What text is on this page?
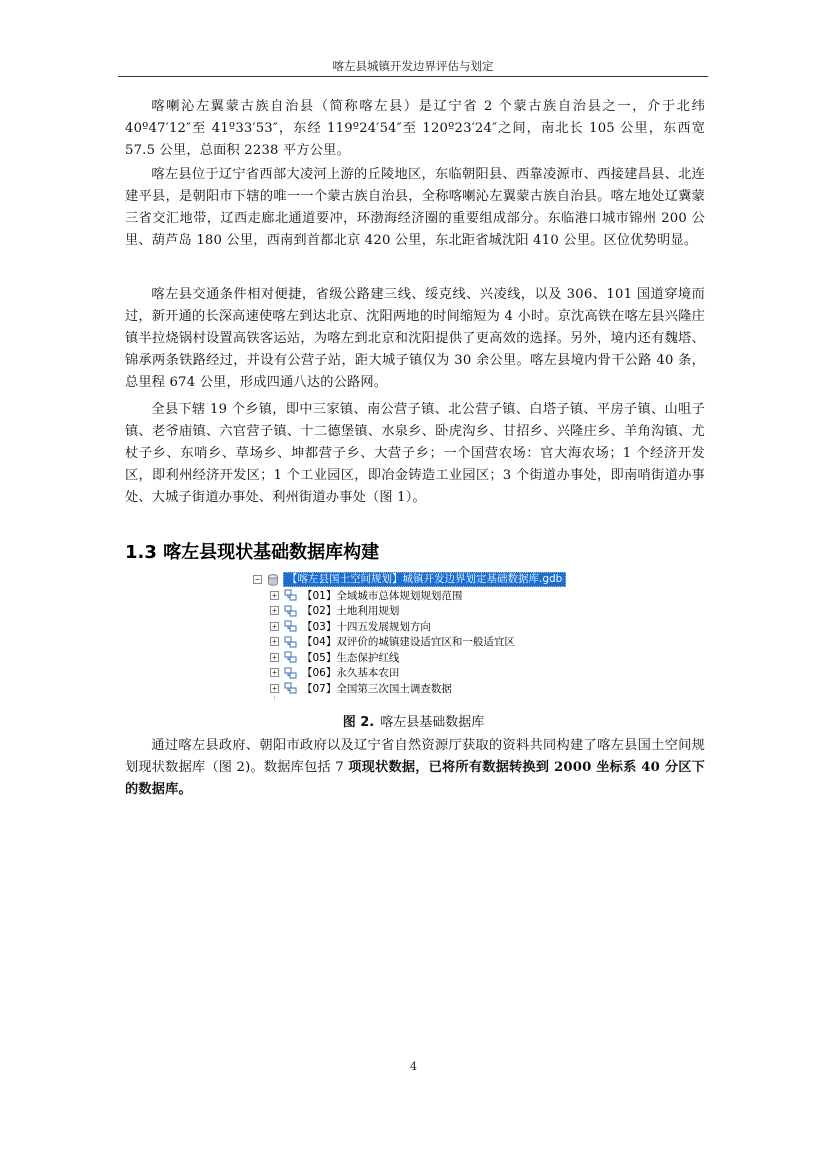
喀左县城镇开发边界评估与划定

喀喇沁左翼蒙古族自治县（简称喀左县）是辽宁省 2 个蒙古族自治县之一，介于北纬 40º47′12″至 41º33′53″，东经 119º24′54″至 120º23′24″之间，南北长 105 公里，东西宽 57.5 公里，总面积 2238 平方公里。

喀左县位于辽宁省西部大凌河上游的丘陵地区，东临朝阳县、西靠凌源市、西接建昌县、北连建平县，是朝阳市下辖的唯一一个蒙古族自治县，全称喀喇沁左翼蒙古族自治县。喀左地处辽冀蒙三省交汇地带，辽西走廊北通道要冲，环渤海经济圈的重要组成部分。东临港口城市锦州 200 公里、葫芦岛 180 公里，西南到首都北京 420 公里，东北距省城沈阳 410 公里。区位优势明显。

喀左县交通条件相对便捷，省级公路建三线、绥克线、兴凌线，以及 306、101 国道穿境而过，新开通的长深高速使喀左到达北京、沈阳两地的时间缩短为 4 小时。京沈高铁在喀左县兴隆庄镇半拉烧锅村设置高铁客运站，为喀左到北京和沈阳提供了更高效的选择。另外，境内还有魏塔、锦承两条铁路经过，并设有公营子站，距大城子镇仅为 30 余公里。喀左县境内骨干公路 40 条，总里程 674 公里，形成四通八达的公路网。

全县下辖 19 个乡镇，即中三家镇、南公营子镇、北公营子镇、白塔子镇、平房子镇、山咀子镇、老爷庙镇、六官营子镇、十二德堡镇、水泉乡、卧虎沟乡、甘招乡、兴隆庄乡、羊角沟镇、尤杖子乡、东哨乡、草场乡、坤都营子乡、大营子乡；一个国营农场：官大海农场；1 个经济开发区，即利州经济开发区；1 个工业园区，即冶金铸造工业园区；3 个街道办事处，即南哨街道办事处、大城子街道办事处、利州街道办事处（图 1）。

1.3 喀左县现状基础数据库构建
−	【喀左县国土空间规划】城镇开发边界划定基础数据库.gdb
+ 【01】全域城市总体规划规划范围
+ 【02】土地利用规划
+ 【03】十四五发展规划方向
+ 【04】双评价的城镇建设适宜区和一般适宜区
+ 【05】生态保护红线
+ 【06】永久基本农田
+ 【07】全国第三次国土调查数据
图 2. 喀左县基础数据库

通过喀左县政府、朝阳市政府以及辽宁省自然资源厅获取的资料共同构建了喀左县国土空间规划现状数据库（图 2)。数据库包括 7 项现状数据，已将所有数据转换到 2000 坐标系 40 分区下的数据库。

4
